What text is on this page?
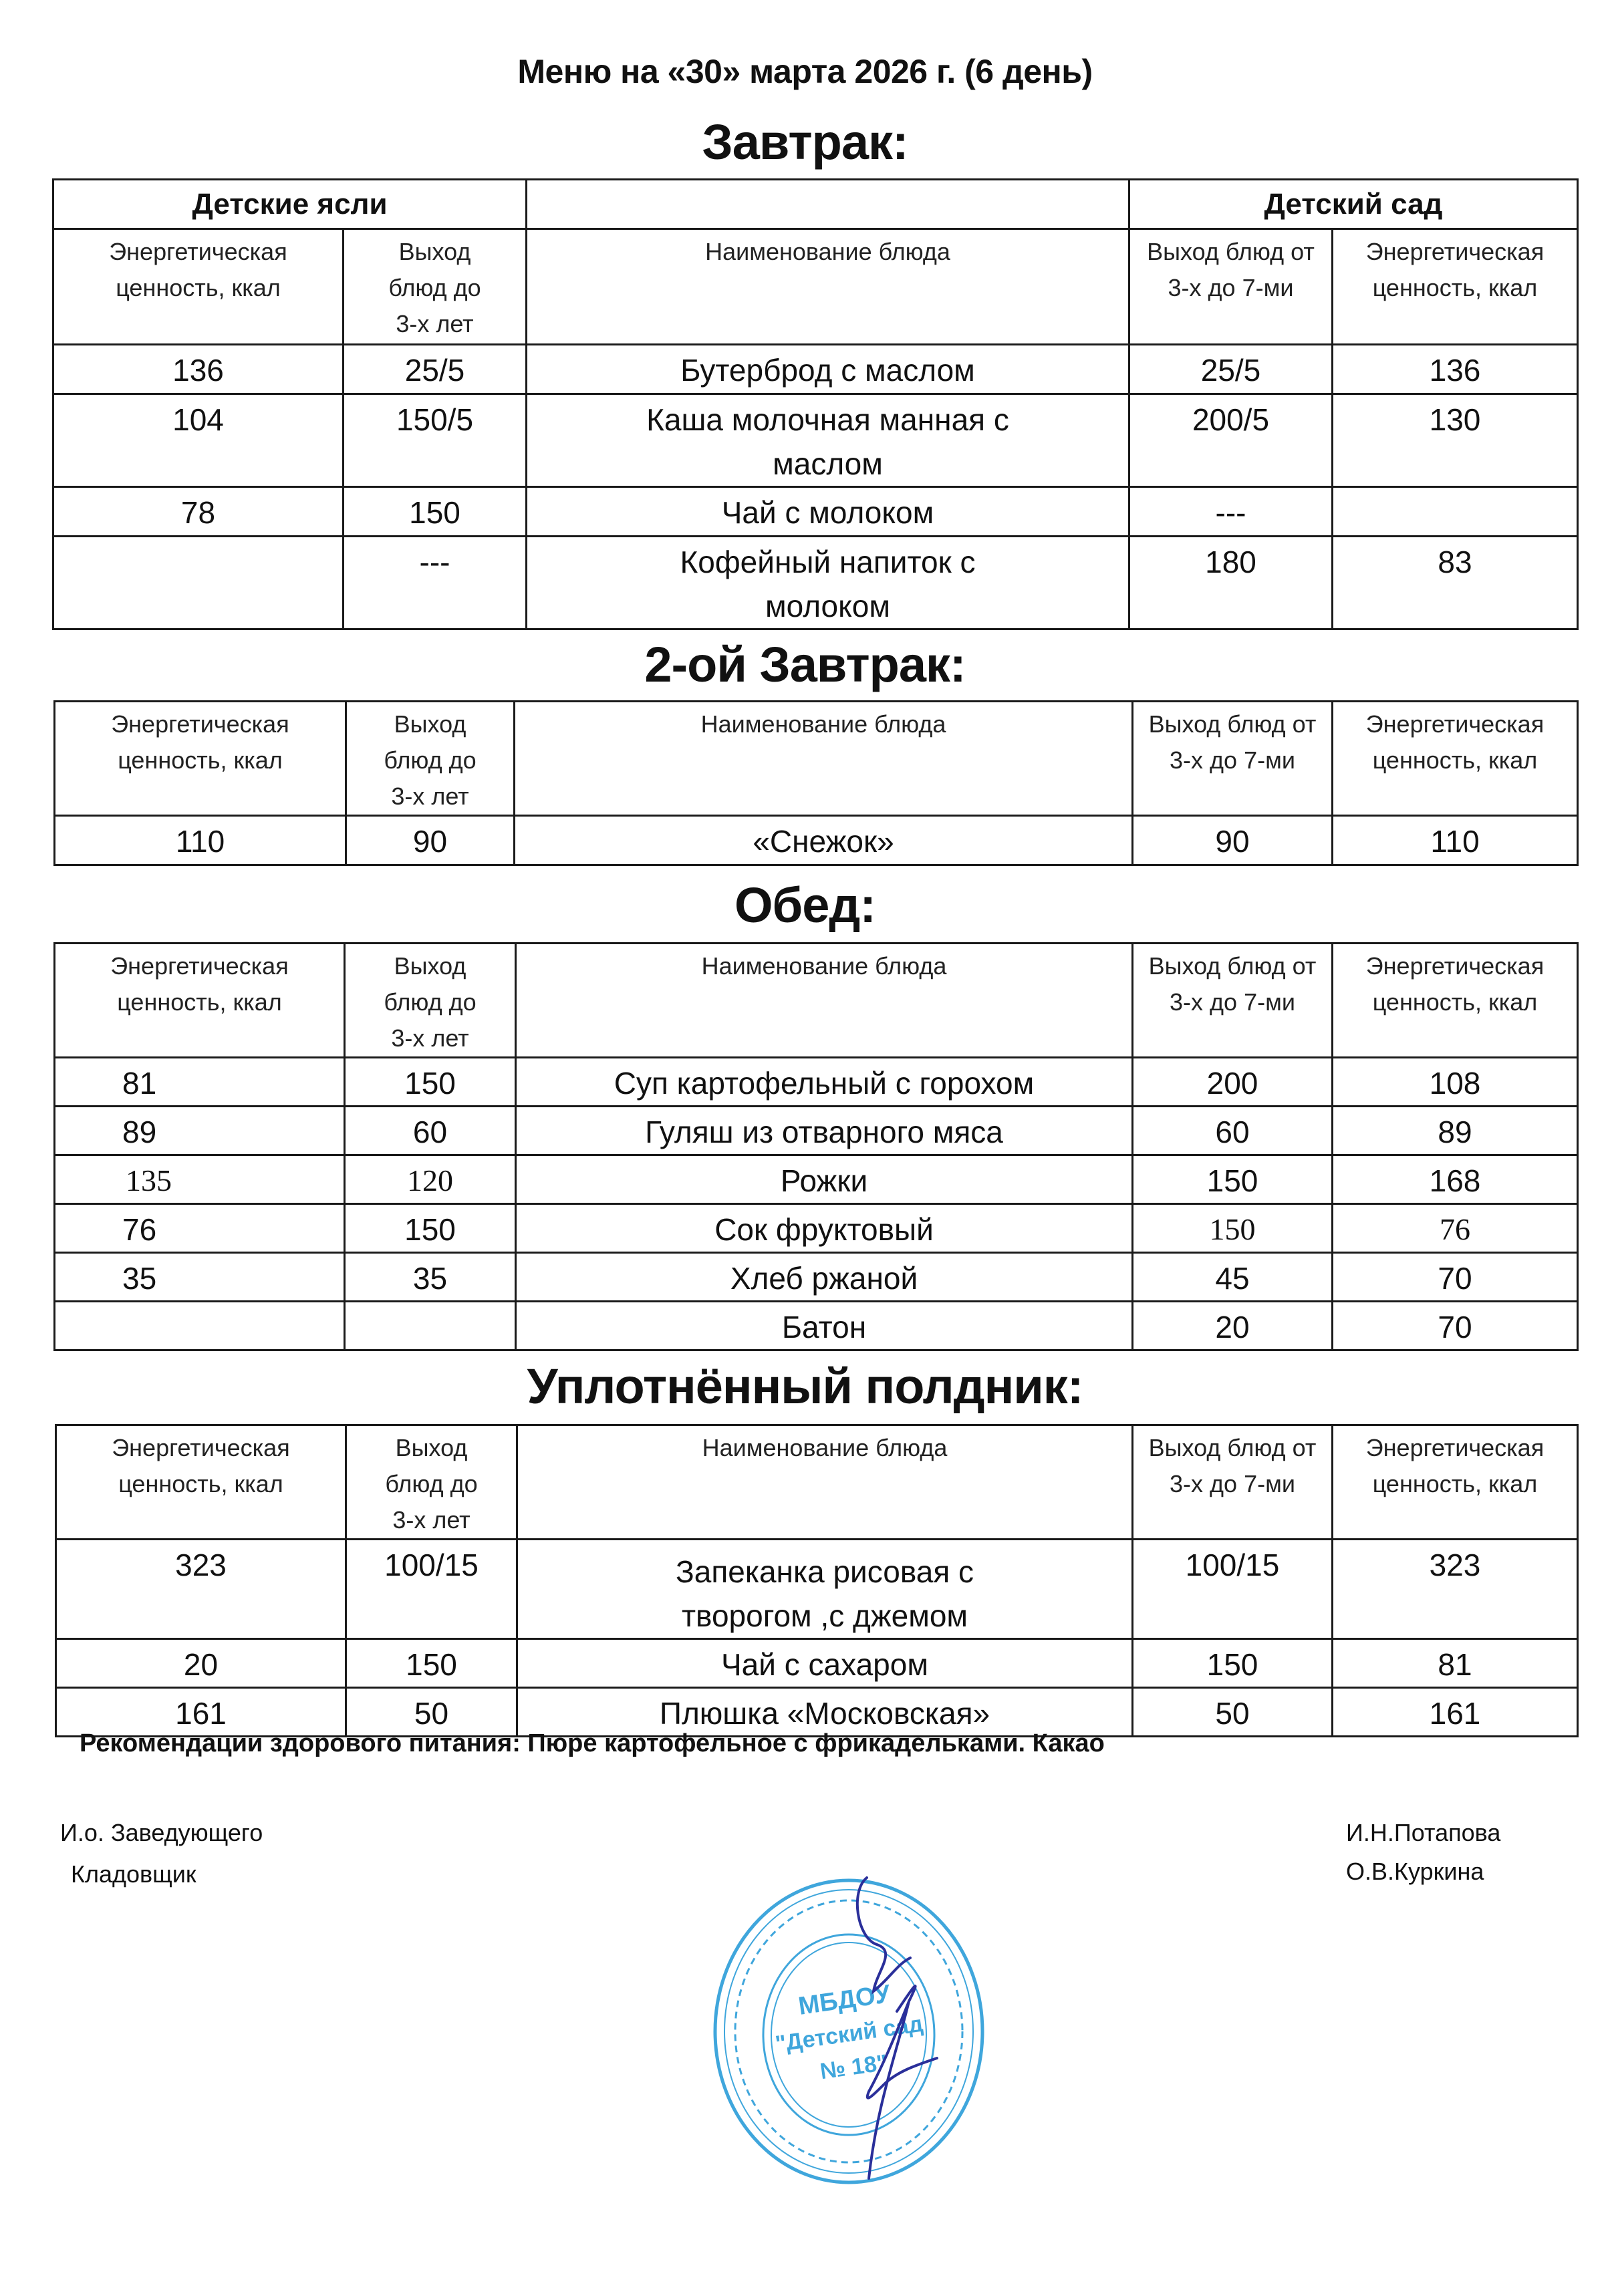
Меню на «30» марта 2026 г. (6 день)
Завтрак:
Детские ясли			Детский сад	
Энергетическая ценность, ккал	Выход блюд до 3-х лет	Наименование блюда	Выход блюд от 3-х до 7-ми	Энергетическая ценность, ккал
136	25/5	Бутерброд с маслом	25/5	136
104	150/5	Каша молочная манная с маслом	200/5	130
78	150	Чай с молоком	---	
	---	Кофейный напиток с молоком	180	83
2-ой Завтрак:
Энергетическая ценность, ккал	Выход блюд до 3-х лет	Наименование блюда	Выход блюд от 3-х до 7-ми	Энергетическая ценность, ккал
110	90	«Снежок»	90	110
Обед:
Энергетическая ценность, ккал	Выход блюд до 3-х лет	Наименование блюда	Выход блюд от 3-х до 7-ми	Энергетическая ценность, ккал
81	150	Суп картофельный с горохом	200	108
89	60	Гуляш из отварного мяса	60	89
135	120	Рожки	150	168
76	150	Сок фруктовый	150	76
35	35	Хлеб ржаной	45	70
		Батон	20	70
Уплотнённый полдник:
Энергетическая ценность, ккал	Выход блюд до 3-х лет	Наименование блюда	Выход блюд от 3-х до 7-ми	Энергетическая ценность, ккал
323	100/15	Запеканка рисовая с творогом ,с джемом	100/15	323
20	150	Чай с сахаром	150	81
161	50	Плюшка «Московская»	50	161
Рекомендации здорового питания: Пюре картофельное с фрикадельками. Какао
И.о. Заведующего
Кладовщик
И.Н.Потапова
О.В.Куркина
МБДОУ
"Детский сад
№ 18"
